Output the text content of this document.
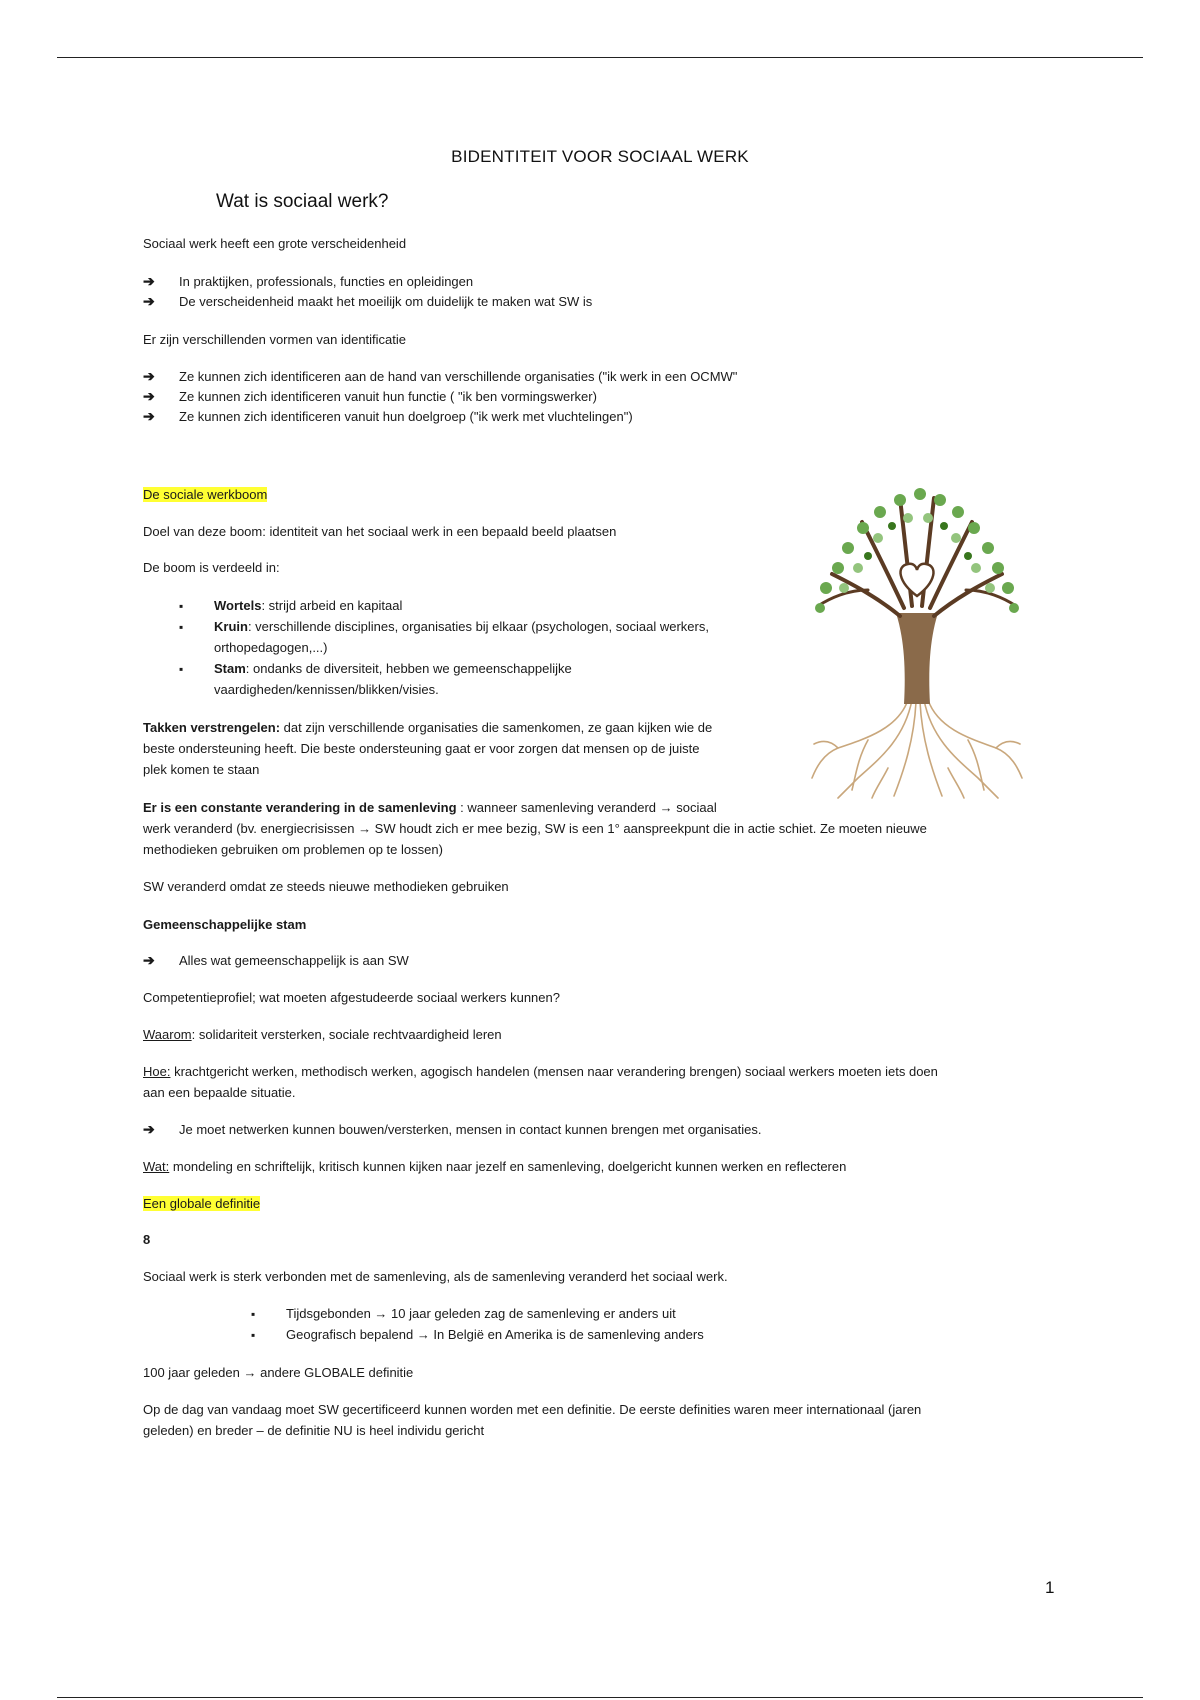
BIDENTITEIT VOOR SOCIAAL WERK
Wat is sociaal werk?

Sociaal werk heeft een grote verscheidenheid

➔ In praktijken, professionals, functies en opleidingen
➔ De verscheidenheid maakt het moeilijk om duidelijk te maken wat SW is

Er zijn verschillenden vormen van identificatie

➔ Ze kunnen zich identificeren aan de hand van verschillende organisaties ("ik werk in een OCMW"
➔ Ze kunnen zich identificeren vanuit hun functie ( "ik ben vormingswerker)
➔ Ze kunnen zich identificeren vanuit hun doelgroep ("ik werk met vluchtelingen")

De sociale werkboom

Doel van deze boom: identiteit van het sociaal werk in een bepaald beeld plaatsen

De boom is verdeeld in:

▪ Wortels: strijd arbeid en kapitaal
▪ Kruin: verschillende disciplines, organisaties bij elkaar (psychologen, sociaal werkers,
orthopedagogen,...)
▪ Stam: ondanks de diversiteit, hebben we gemeenschappelijke
vaardigheden/kennissen/blikken/visies.

Takken verstrengelen: dat zijn verschillende organisaties die samenkomen, ze gaan kijken wie de

beste ondersteuning heeft. Die beste ondersteuning gaat er voor zorgen dat mensen op de juiste

plek komen te staan

Er is een constante verandering in de samenleving : wanneer samenleving veranderd → sociaal

werk veranderd (bv. energiecrisissen → SW houdt zich er mee bezig, SW is een 1° aanspreekpunt die in actie schiet. Ze moeten nieuwe

methodieken gebruiken om problemen op te lossen)

SW veranderd omdat ze steeds nieuwe methodieken gebruiken

Gemeenschappelijke stam

➔ Alles wat gemeenschappelijk is aan SW

Competentieprofiel; wat moeten afgestudeerde sociaal werkers kunnen?

Waarom: solidariteit versterken, sociale rechtvaardigheid leren

Hoe: krachtgericht werken, methodisch werken, agogisch handelen (mensen naar verandering brengen) sociaal werkers moeten iets doen

aan een bepaalde situatie.

➔ Je moet netwerken kunnen bouwen/versterken, mensen in contact kunnen brengen met organisaties.

Wat: mondeling en schriftelijk, kritisch kunnen kijken naar jezelf en samenleving, doelgericht kunnen werken en reflecteren

Een globale definitie

8

Sociaal werk is sterk verbonden met de samenleving, als de samenleving veranderd het sociaal werk.

▪ Tijdsgebonden → 10 jaar geleden zag de samenleving er anders uit
▪ Geografisch bepalend → In België en Amerika is de samenleving anders

100 jaar geleden → andere GLOBALE definitie

Op de dag van vandaag moet SW gecertificeerd kunnen worden met een definitie. De eerste definities waren meer internationaal (jaren

geleden) en breder – de definitie NU is heel individu gericht

1
